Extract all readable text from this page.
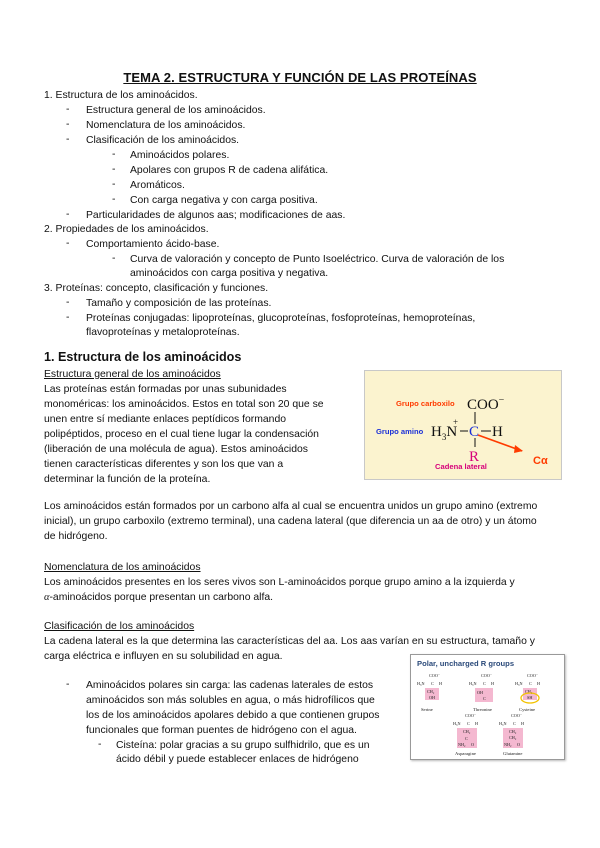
TEMA 2. ESTRUCTURA Y FUNCIÓN DE LAS PROTEÍNAS
1. Estructura de los aminoácidos.
- Estructura general de los aminoácidos.
- Nomenclatura de los aminoácidos.
- Clasificación de los aminoácidos.
- Aminoácidos polares.
- Apolares con grupos R de cadena alifática.
- Aromáticos.
- Con carga negativa y con carga positiva.
- Particularidades de algunos aas; modificaciones de aas.
2. Propiedades de los aminoácidos.
- Comportamiento ácido-base.
- Curva de valoración y concepto de Punto Isoeléctrico. Curva de valoración de los
aminoácidos con carga positiva y negativa.
3. Proteínas: concepto, clasificación y funciones.
- Tamaño y composición de las proteínas.
- Proteínas conjugadas: lipoproteínas, glucoproteínas, fosfoproteínas, hemoproteínas,
flavoproteínas y metaloproteínas.
1. Estructura de los aminoácidos
Estructura general de los aminoácidos
Las proteínas están formadas por unas subunidades
monoméricas: los aminoácidos. Estos en total son 20 que se
unen entre sí mediante enlaces peptídicos formando
polipéptidos, proceso en el cual tiene lugar la condensación
(liberación de una molécula de agua). Estos aminoácidos
tienen características diferentes y son los que van a
determinar la función de la proteína.
Grupo carboxilo
Grupo amino
Cadena lateral
COO−
$H_3N$
+
C H
R	Cα
Los aminoácidos están formados por un carbono alfa al cual se encuentra unidos un grupo amino (extremo
inicial), un grupo carboxilo (extremo terminal), una cadena lateral (que diferencia un aa de otro) y un átomo
de hidrógeno.
Nomenclatura de los aminoácidos
Los aminoácidos presentes en los seres vivos son L-aminoácidos porque grupo amino a la izquierda y
α-aminoácidos porque presentan un carbono alfa.
Clasificación de los aminoácidos
La cadena lateral es la que determina las características del aa. Los aas varían en su estructura, tamaño y
carga eléctrica e influyen en su solubilidad en agua.
- Aminoácidos polares sin carga: las cadenas laterales de estos
aminoácidos son más solubles en agua, o más hidrofílicos que
los de los aminoácidos apolares debido a que contienen grupos
funcionales que forman puentes de hidrógeno con el agua.
- Cisteína: polar gracias a su grupo sulfhidrilo, que es un
ácido débil y puede establecer enlaces de hidrógeno
Polar, uncharged R groups
COO⁻
H₃N C H
CH₂
OH
Serine
COO⁻
H₃N C H
OH
C
Threonine
COO⁻
H₃N C H
CH₂
SH
Cysteine
COO⁻
H₃N C H
CH₂
C
NH₂ O
Asparagine
COO⁻
H₃N C H
CH₂
CH₂
NH₂ O
Glutamine
